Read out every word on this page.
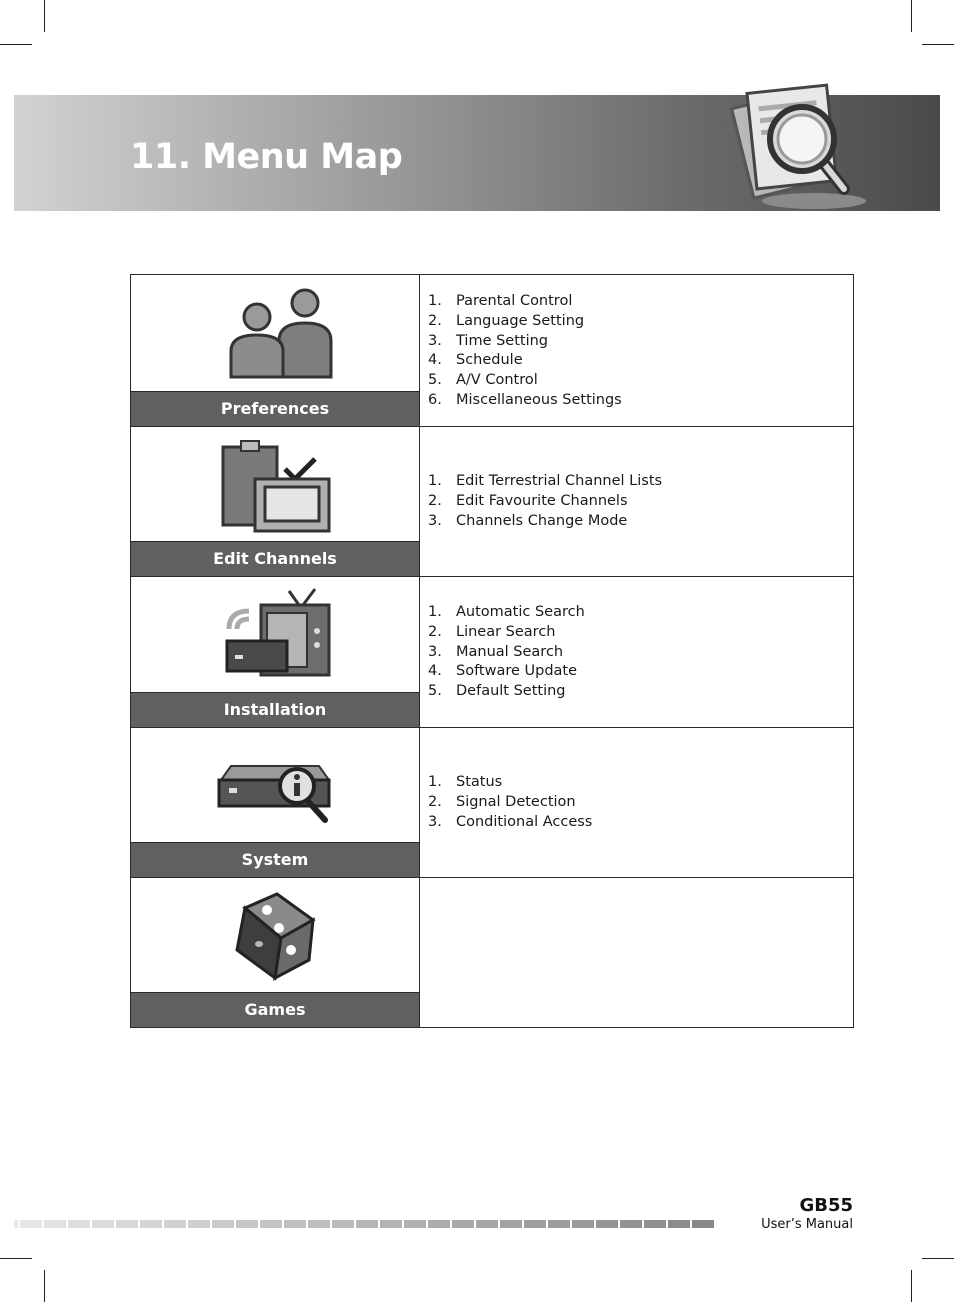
11. Menu Map
Preferences
1. Parental Control
2. Language Setting
3. Time Setting
4. Schedule
5. A/V Control
6. Miscellaneous Settings
Edit Channels
1. Edit Terrestrial Channel Lists
2. Edit Favourite Channels
3. Channels Change Mode
Installation
1. Automatic Search
2. Linear Search
3. Manual Search
4. Software Update
5. Default Setting
System
1. Status
2. Signal Detection
3. Conditional Access
Games
GB55
User’s Manual
